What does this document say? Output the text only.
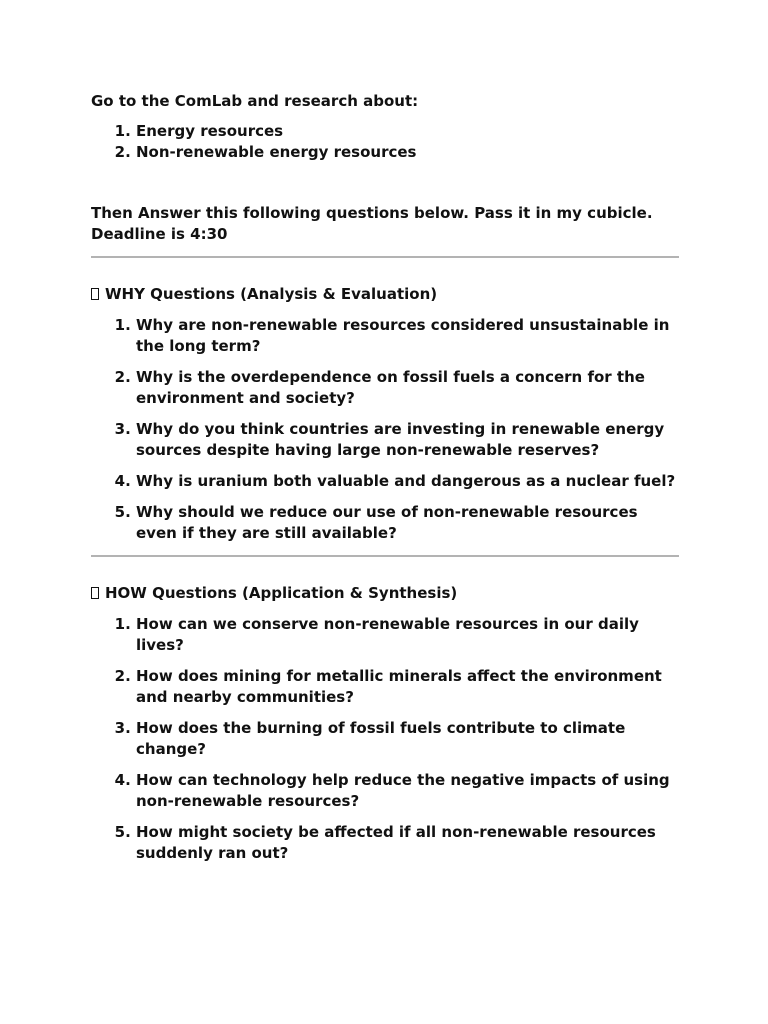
Go to the ComLab and research about:

1. Energy resources
2. Non-renewable energy resources

Then Answer this following questions below. Pass it in my cubicle.

Deadline is 4:30

WHY Questions (Analysis & Evaluation)

1. Why are non-renewable resources considered unsustainable in the long term?
2. Why is the overdependence on fossil fuels a concern for the environment and society?
3. Why do you think countries are investing in renewable energy sources despite having large non-renewable reserves?
4. Why is uranium both valuable and dangerous as a nuclear fuel?
5. Why should we reduce our use of non-renewable resources even if they are still available?

HOW Questions (Application & Synthesis)

1. How can we conserve non-renewable resources in our daily lives?
2. How does mining for metallic minerals affect the environment and nearby communities?
3. How does the burning of fossil fuels contribute to climate change?
4. How can technology help reduce the negative impacts of using non-renewable resources?
5. How might society be affected if all non-renewable resources suddenly ran out?
